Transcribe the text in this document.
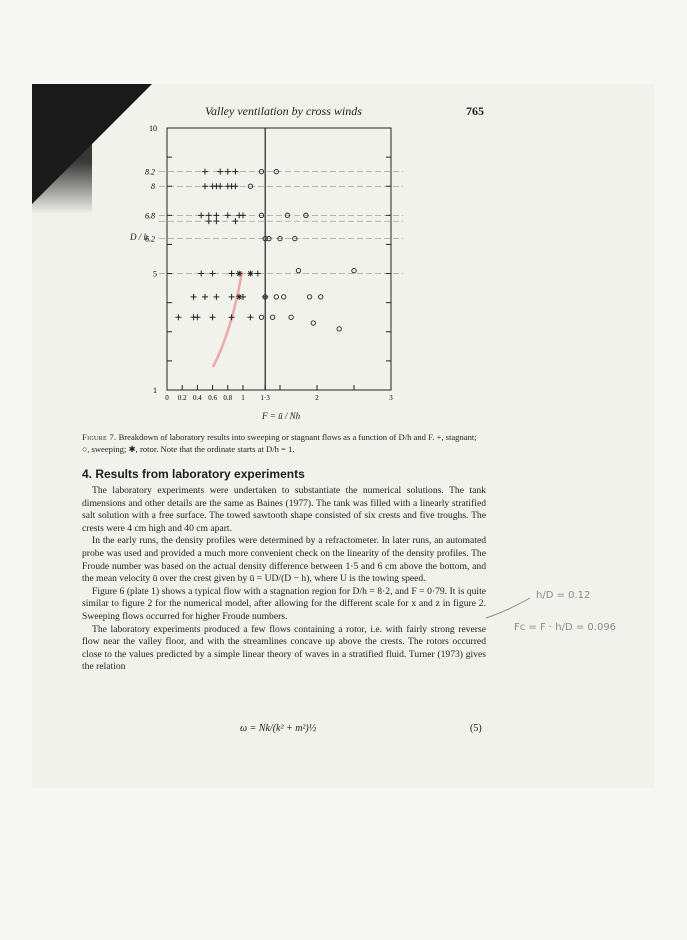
Valley ventilation by cross winds	765
1
5
10
8.2
8
6.8
6.2
0 0.2 0.4 0.6 0.8 1 1·3	2	3
D / h
F = ū / Nh
Figure 7. Breakdown of laboratory results into sweeping or stagnant flows as a function of D/h and F. +, stagnant; ○, sweeping; ✱, rotor. Note that the ordinate starts at D/h = 1.
4. Results from laboratory experiments

The laboratory experiments were undertaken to substantiate the numerical solutions. The tank dimensions and other details are the same as Baines (1977). The tank was filled with a linearly stratified salt solution with a free surface. The towed sawtooth shape consisted of six crests and five troughs. The crests were 4 cm high and 40 cm apart.

In the early runs, the density profiles were determined by a refractometer. In later runs, an automated probe was used and provided a much more convenient check on the linearity of the density profiles. The Froude number was based on the actual density difference between 1·5 and 6 cm above the bottom, and the mean velocity ū over the crest given by ū = UD/(D − h), where U is the towing speed.

Figure 6 (plate 1) shows a typical flow with a stagnation region for D/h = 8·2, and F = 0·79. It is quite similar to figure 2 for the numerical model, after allowing for the different scale for x and z in figure 2. Sweeping flows occurred for higher Froude numbers.

The laboratory experiments produced a few flows containing a rotor, i.e. with fairly strong reverse flow near the valley floor, and with the streamlines concave up above the crests. The rotors occurred close to the values predicted by a simple linear theory of waves in a stratified fluid. Turner (1973) gives the relation

ω = Nk/(k² + m²)½	(5)
h/D = 0.12
Fc = F · h/D = 0.096
